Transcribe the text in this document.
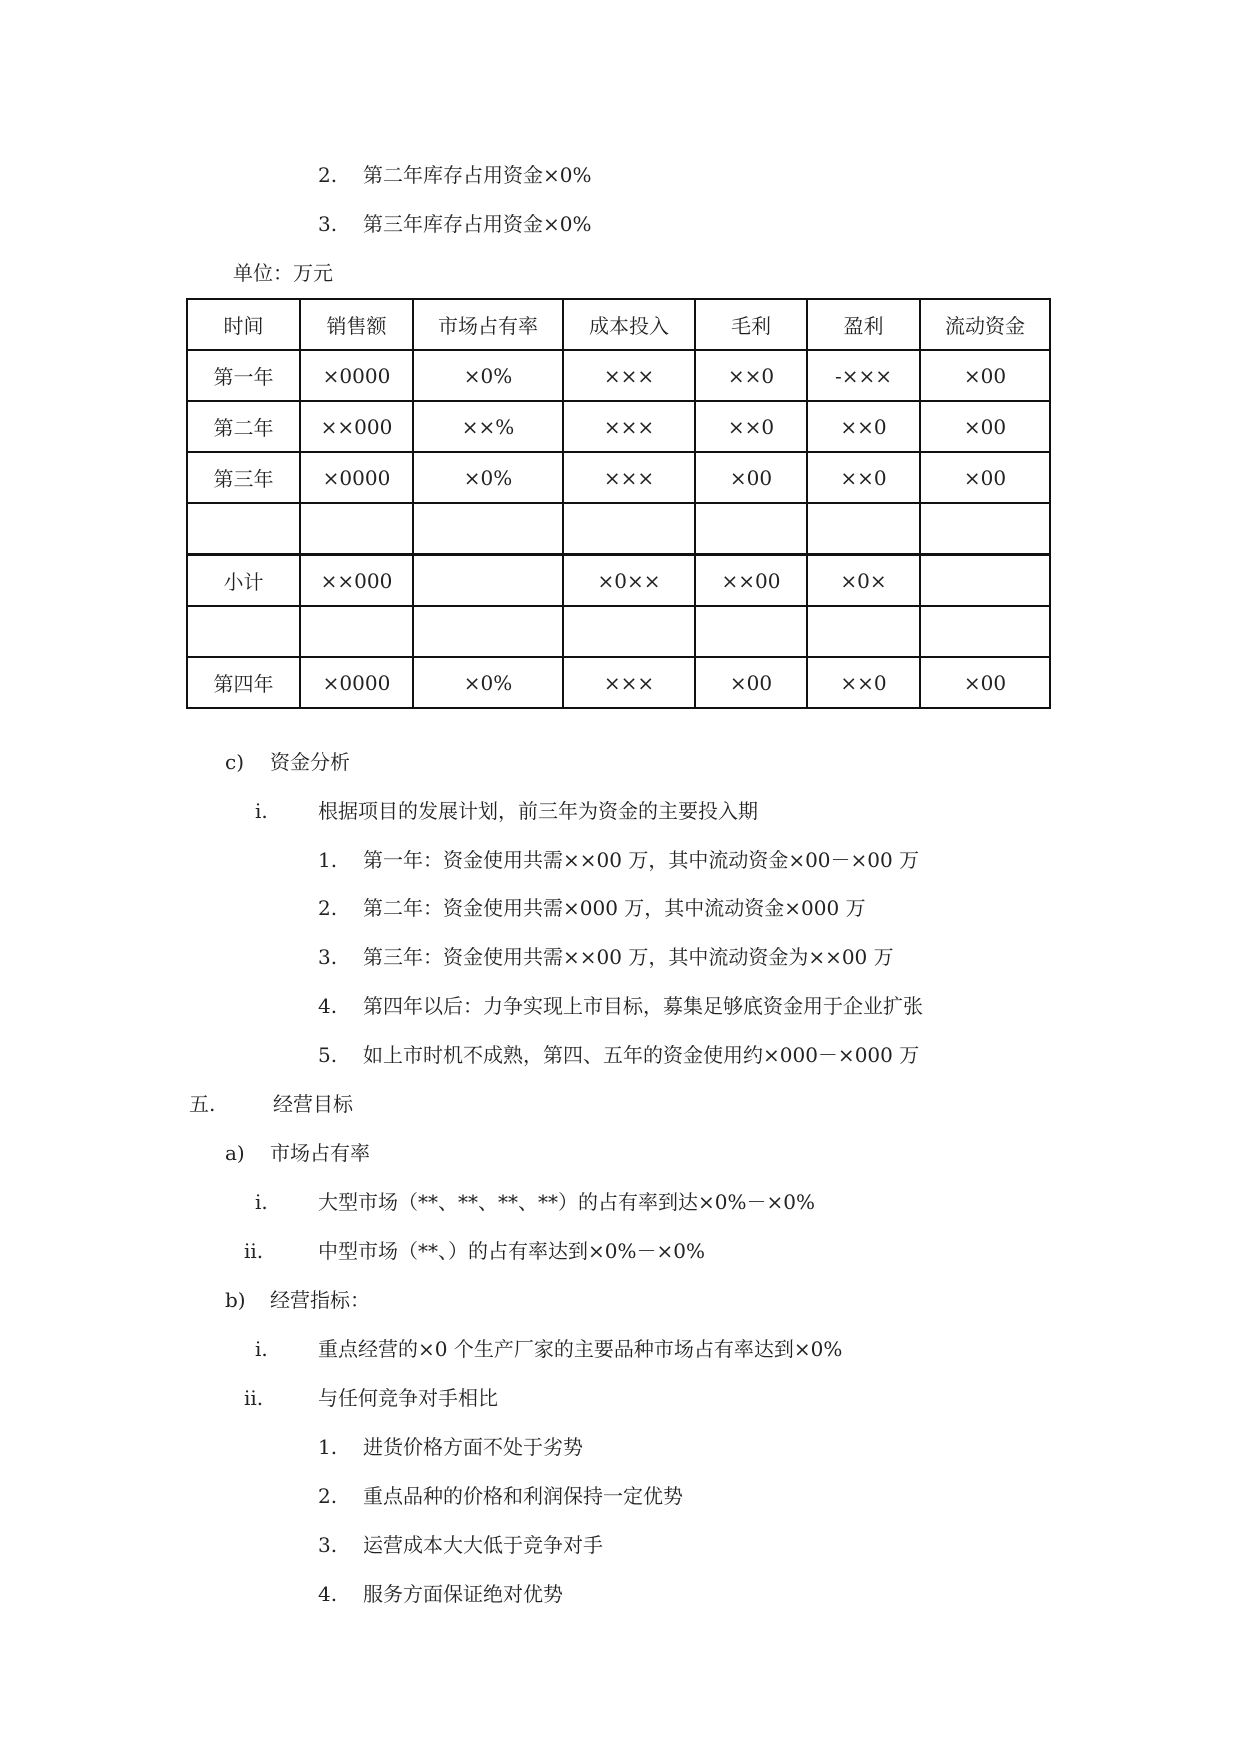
2. 第二年库存占用资金×0%
3. 第三年库存占用资金×0%
单位：万元
时间	销售额	市场占有率	成本投入	毛利	盈利	流动资金
第一年	×0000	×0%	×××	××0	-×××	×00
第二年	××000	××%	×××	××0	××0	×00
第三年	×0000	×0%	×××	×00	××0	×00

小计	××000		×0××	××00	×0×	

第四年	×0000	×0%	×××	×00	××0	×00
c) 资金分析
i.	根据项目的发展计划，前三年为资金的主要投入期
1. 第一年：资金使用共需××00 万，其中流动资金×00－×00 万
2. 第二年：资金使用共需×000 万，其中流动资金×000 万
3. 第三年：资金使用共需××00 万，其中流动资金为××00 万
4. 第四年以后：力争实现上市目标，募集足够底资金用于企业扩张
5. 如上市时机不成熟，第四、五年的资金使用约×000－×000 万
五.	经营目标
a) 市场占有率
i.	大型市场（**、**、**、**）的占有率到达×0%－×0%
ii.	中型市场（**、）的占有率达到×0%－×0%
b) 经营指标：
i.	重点经营的×0 个生产厂家的主要品种市场占有率达到×0%
ii.	与任何竞争对手相比
1. 进货价格方面不处于劣势
2. 重点品种的价格和利润保持一定优势
3. 运营成本大大低于竞争对手
4. 服务方面保证绝对优势
